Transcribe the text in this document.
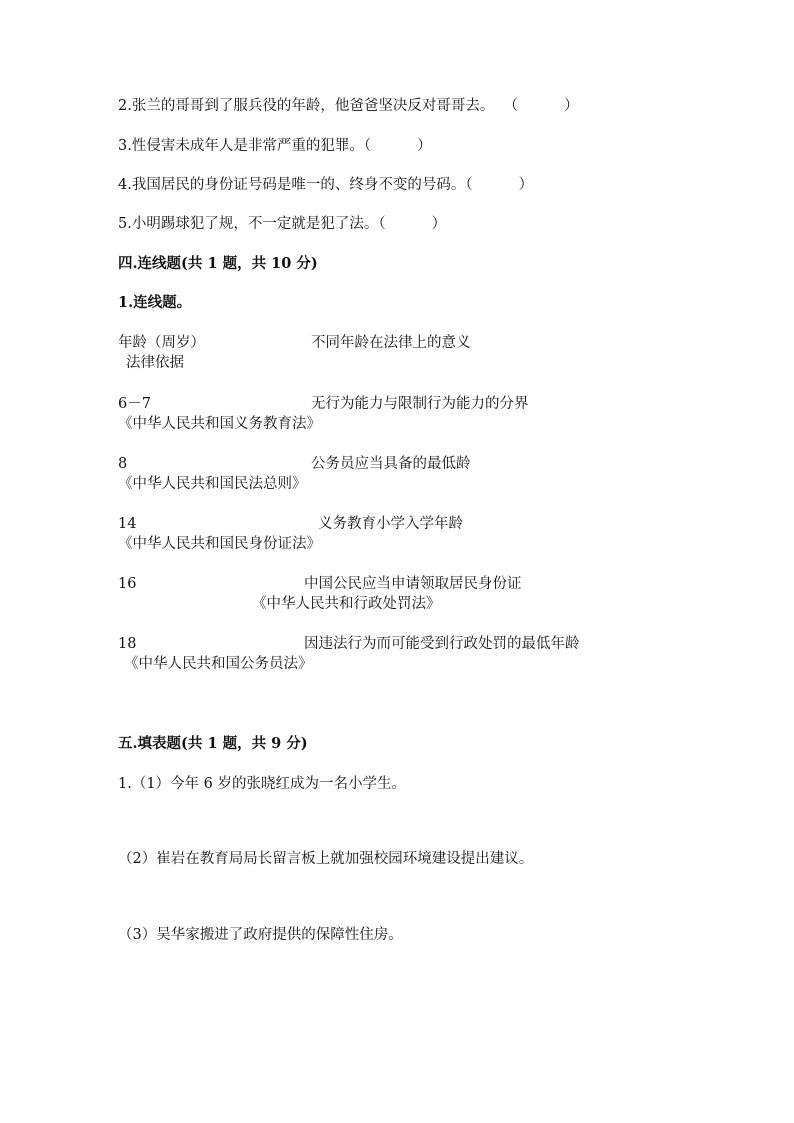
2.张兰的哥哥到了服兵役的年龄，他爸爸坚决反对哥哥去。  （          ）
3.性侵害未成年人是非常严重的犯罪。（          ）
4.我国居民的身份证号码是唯一的、终身不变的号码。（          ）
5.小明踢球犯了规，不一定就是犯了法。（          ）
四.连线题(共 1 题，共 10 分)
1.连线题。
年龄（周岁）	不同年龄在法律上的意义
法律依据
6－7	无行为能力与限制行为能力的分界
《中华人民共和国义务教育法》
8	公务员应当具备的最低龄
《中华人民共和国民法总则》
14	义务教育小学入学年龄
《中华人民共和国民身份证法》
16	中国公民应当申请领取居民身份证
《中华人民共和行政处罚法》
18	因违法行为而可能受到行政处罚的最低年龄
《中华人民共和国公务员法》
五.填表题(共 1 题，共 9 分)
1.（1）今年 6 岁的张晓红成为一名小学生。
（2）崔岩在教育局局长留言板上就加强校园环境建设提出建议。
（3）吴华家搬进了政府提供的保障性住房。
